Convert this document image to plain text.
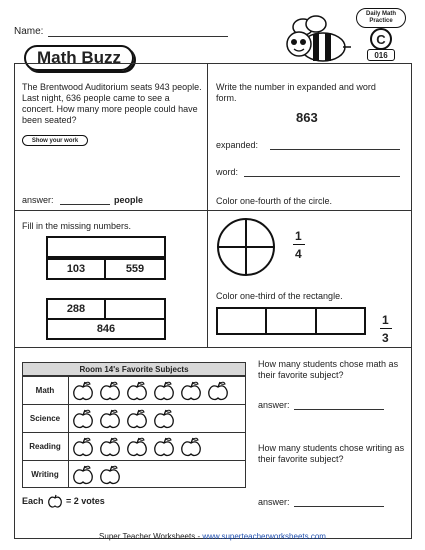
Name:
Math Buzz
Daily Math Practice
C
016
The Brentwood Auditorium seats 943 people. Last night, 636 people came to see a concert. How many more people could have been seated?
Show your work
answer:	people
Write the number in expanded and word form.
863
expanded:
word:
Fill in the missing numbers.
103	559
288
846
Color one-fourth of the circle.
1
4
Color one-third of the rectangle.
1
3
Room 14's Favorite Subjects
Math
Science
Reading
Writing
Each = 2 votes
How many students chose math as their favorite subject?
answer:
How many students chose writing as their favorite subject?
answer:
Super Teacher Worksheets - www.superteacherworksheets.com
